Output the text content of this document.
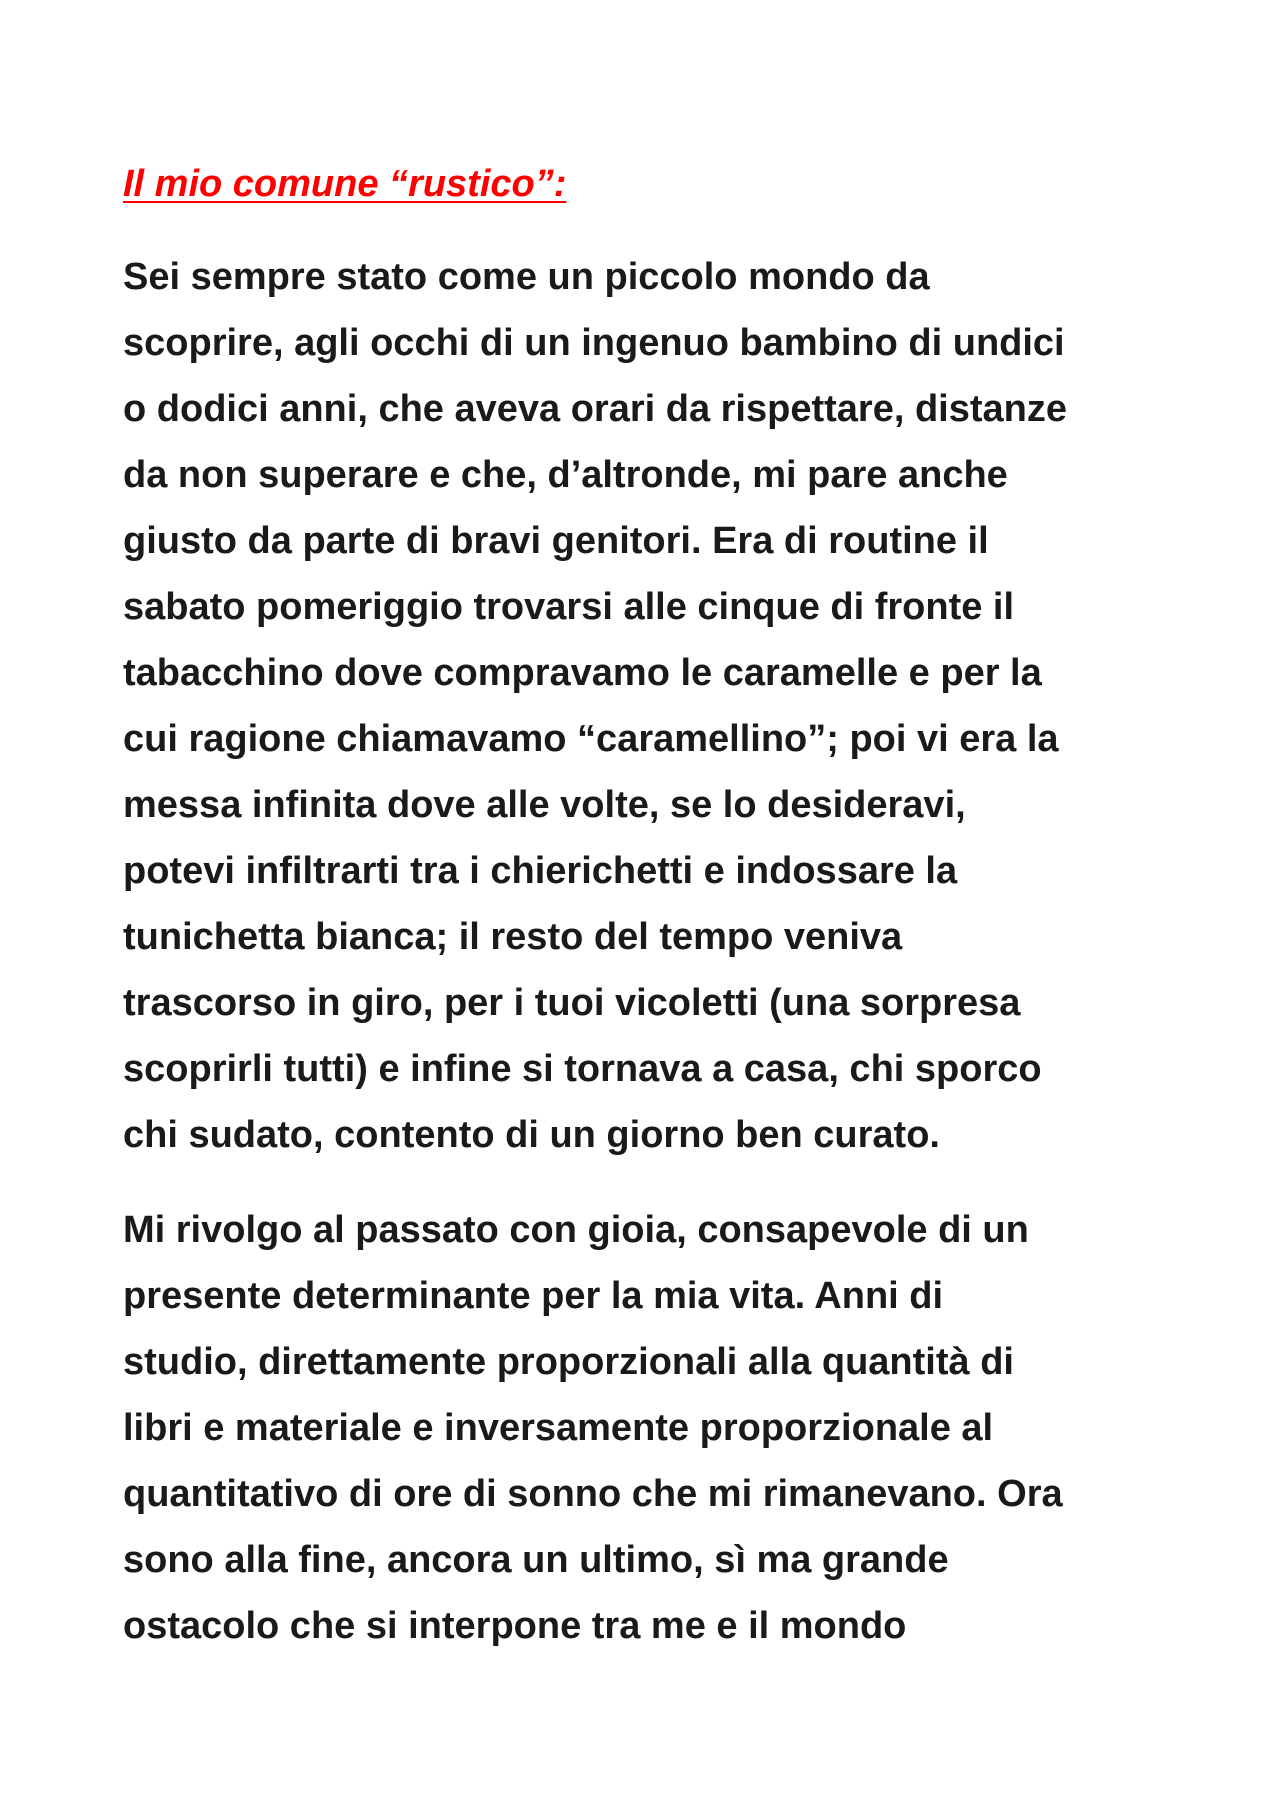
Il mio comune “rustico”:

Sei sempre stato come un piccolo mondo da
scoprire, agli occhi di un ingenuo bambino di undici
o dodici anni, che aveva orari da rispettare, distanze
da non superare e che, d’altronde, mi pare anche
giusto da parte di bravi genitori. Era di routine il
sabato pomeriggio trovarsi alle cinque di fronte il
tabacchino dove compravamo le caramelle e per la
cui ragione chiamavamo “caramellino”; poi vi era la
messa infinita dove alle volte, se lo desideravi,
potevi infiltrarti tra i chierichetti e indossare la
tunichetta bianca; il resto del tempo veniva
trascorso in giro, per i tuoi vicoletti (una sorpresa
scoprirli tutti) e infine si tornava a casa, chi sporco
chi sudato, contento di un giorno ben curato.

Mi rivolgo al passato con gioia, consapevole di un
presente determinante per la mia vita. Anni di
studio, direttamente proporzionali alla quantità di
libri e materiale e inversamente proporzionale al
quantitativo di ore di sonno che mi rimanevano. Ora
sono alla fine, ancora un ultimo, sì ma grande
ostacolo che si interpone tra me e il mondo
